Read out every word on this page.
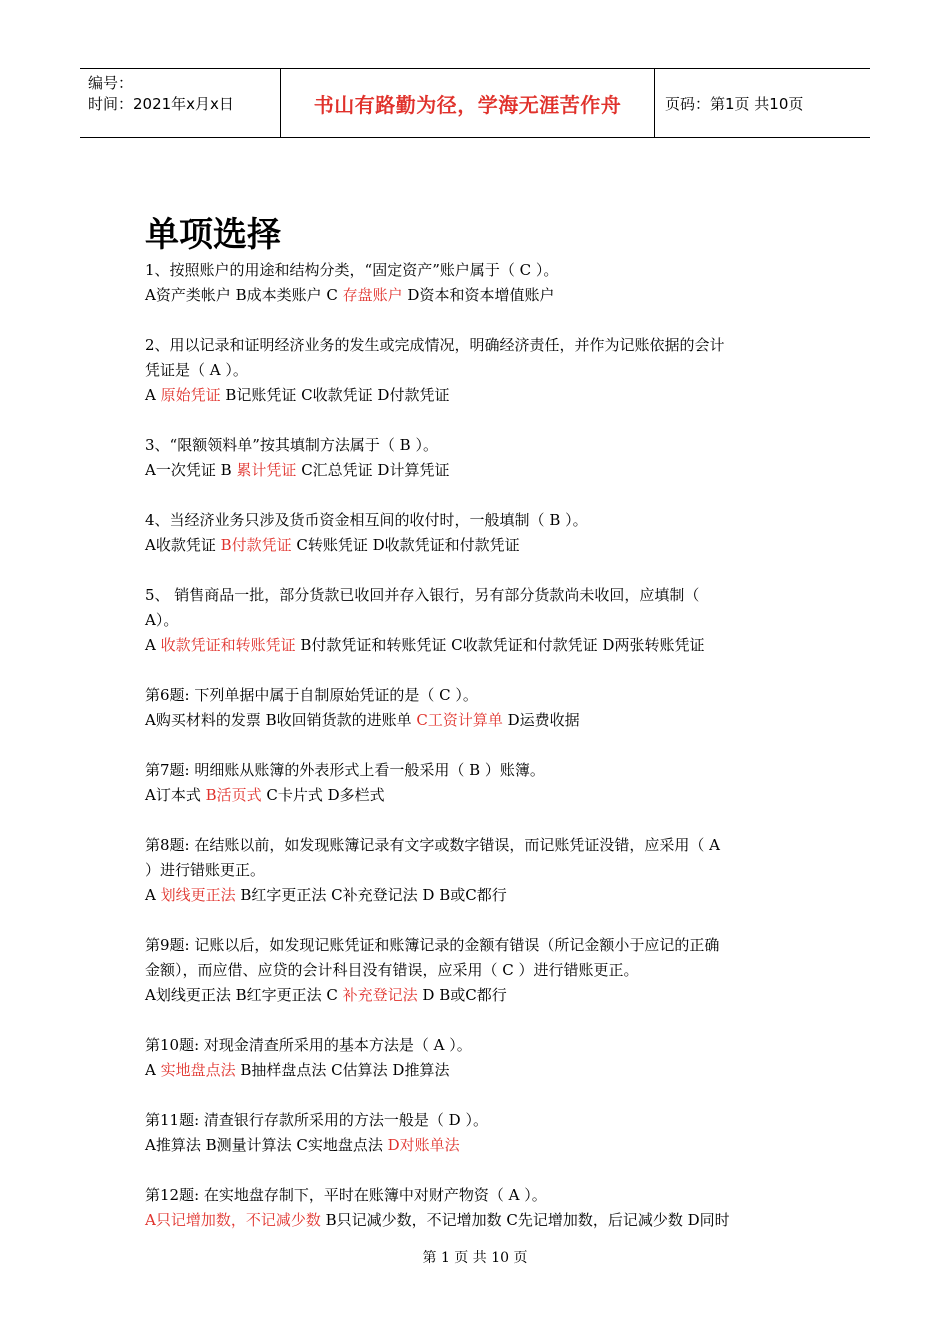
编号：
时间：2021年x月x日	书山有路勤为径，学海无涯苦作舟	页码：第1页 共10页
单项选择
1、按照账户的用途和结构分类，“固定资产”账户属于（ C ）。
A资产类帐户 B成本类账户 C 存盘账户 D资本和资本增值账户
2、用以记录和证明经济业务的发生或完成情况，明确经济责任，并作为记账依据的会计
凭证是（ A ）。
A 原始凭证 B记账凭证 C收款凭证 D付款凭证
3、“限额领料单”按其填制方法属于（ B ）。
A一次凭证 B 累计凭证 C汇总凭证 D计算凭证
4、当经济业务只涉及货币资金相互间的收付时，一般填制（ B ）。
A收款凭证 B付款凭证 C转账凭证 D收款凭证和付款凭证
5、 销售商品一批，部分货款已收回并存入银行，另有部分货款尚未收回，应填制（
A）。
A 收款凭证和转账凭证 B付款凭证和转账凭证 C收款凭证和付款凭证 D两张转账凭证
第6题: 下列单据中属于自制原始凭证的是（ C ）。
A购买材料的发票 B收回销货款的进账单 C工资计算单 D运费收据
第7题: 明细账从账簿的外表形式上看一般采用（ B ）账簿。
A订本式 B活页式 C卡片式 D多栏式
第8题: 在结账以前，如发现账簿记录有文字或数字错误，而记账凭证没错，应采用（ A
）进行错账更正。
A 划线更正法 B红字更正法 C补充登记法 D B或C都行
第9题: 记账以后，如发现记账凭证和账簿记录的金额有错误（所记金额小于应记的正确
金额），而应借、应贷的会计科目没有错误，应采用（ C ）进行错账更正。
A划线更正法 B红字更正法 C 补充登记法 D B或C都行
第10题: 对现金清查所采用的基本方法是（ A ）。
A 实地盘点法 B抽样盘点法 C估算法 D推算法
第11题: 清查银行存款所采用的方法一般是（ D ）。
A推算法 B测量计算法 C实地盘点法 D对账单法
第12题: 在实地盘存制下，平时在账簿中对财产物资（ A ）。
A只记增加数，不记减少数 B只记减少数，不记增加数 C先记增加数，后记减少数 D同时
第 1 页 共 10 页
